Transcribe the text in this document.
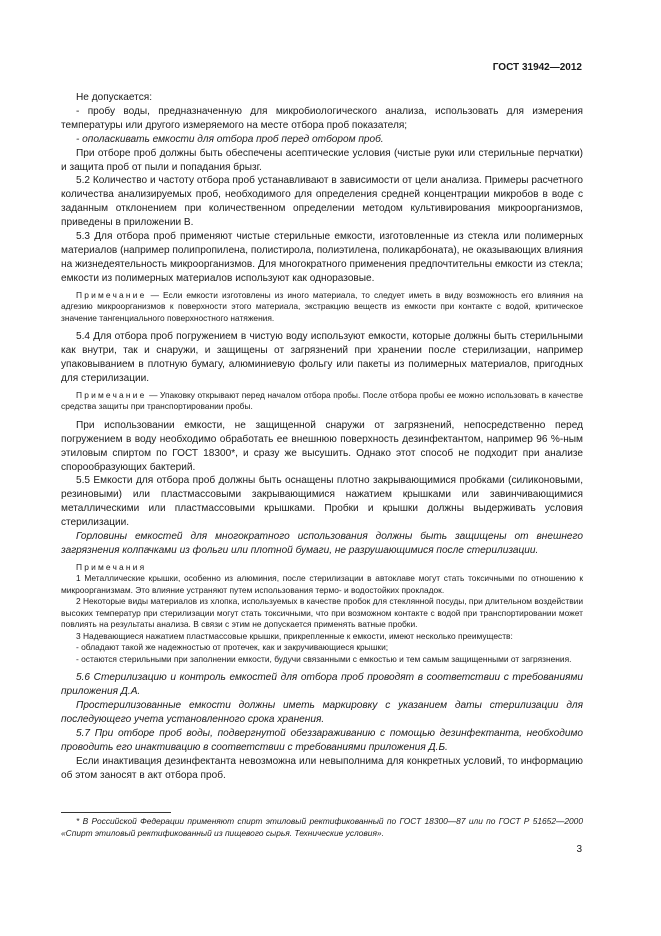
ГОСТ 31942—2012

Не допускается:

- пробу воды, предназначенную для микробиологического анализа, использовать для измерения температуры или другого измеряемого на месте отбора проб показателя;

- ополаскивать емкости для отбора проб перед отбором проб.

При отборе проб должны быть обеспечены асептические условия (чистые руки или стерильные перчатки) и защита проб от пыли и попадания брызг.

5.2 Количество и частоту отбора проб устанавливают в зависимости от цели анализа. Примеры расчетного количества анализируемых проб, необходимого для определения средней концентрации микробов в воде с заданным отклонением при количественном определении методом культивирования микроорганизмов, приведены в приложении В.

5.3 Для отбора проб применяют чистые стерильные емкости, изготовленные из стекла или полимерных материалов (например полипропилена, полистирола, полиэтилена, поликарбоната), не оказывающих влияния на жизнедеятельность микроорганизмов. Для многократного применения предпочтительны емкости из стекла; емкости из полимерных материалов используют как одноразовые.

Примечание — Если емкости изготовлены из иного материала, то следует иметь в виду возможность его влияния на адгезию микроорганизмов к поверхности этого материала, экстракцию веществ из емкости при контакте с водой, критическое значение тангенциального поверхностного натяжения.

5.4 Для отбора проб погружением в чистую воду используют емкости, которые должны быть стерильными как внутри, так и снаружи, и защищены от загрязнений при хранении после стерилизации, например упаковыванием в плотную бумагу, алюминиевую фольгу или пакеты из полимерных материалов, пригодных для стерилизации.

Примечание — Упаковку открывают перед началом отбора пробы. После отбора пробы ее можно использовать в качестве средства защиты при транспортировании пробы.

При использовании емкости, не защищенной снаружи от загрязнений, непосредственно перед погружением в воду необходимо обработать ее внешнюю поверхность дезинфектантом, например 96 %-ным этиловым спиртом по ГОСТ 18300*, и сразу же высушить. Однако этот способ не подходит при анализе спорообразующих бактерий.

5.5 Емкости для отбора проб должны быть оснащены плотно закрывающимися пробками (силиконовыми, резиновыми) или пластмассовыми закрывающимися нажатием крышками или завинчивающимися металлическими или пластмассовыми крышками. Пробки и крышки должны выдерживать условия стерилизации.

Горловины емкостей для многократного использования должны быть защищены от внешнего загрязнения колпачками из фольги или плотной бумаги, не разрушающимися после стерилизации.

Примечания

1 Металлические крышки, особенно из алюминия, после стерилизации в автоклаве могут стать токсичными по отношению к микроорганизмам. Это влияние устраняют путем использования термо- и водостойких прокладок.

2 Некоторые виды материалов из хлопка, используемых в качестве пробок для стеклянной посуды, при длительном воздействии высоких температур при стерилизации могут стать токсичными, что при возможном контакте с водой при транспортировании может повлиять на результаты анализа. В связи с этим не допускается применять ватные пробки.

3 Надевающиеся нажатием пластмассовые крышки, прикрепленные к емкости, имеют несколько преимуществ:

- обладают такой же надежностью от протечек, как и закручивающиеся крышки;

- остаются стерильными при заполнении емкости, будучи связанными с емкостью и тем самым защищенными от загрязнения.

5.6 Стерилизацию и контроль емкостей для отбора проб проводят в соответствии с требованиями приложения Д.А.

Простерилизованные емкости должны иметь маркировку с указанием даты стерилизации для последующего учета установленного срока хранения.

5.7 При отборе проб воды, подвергнутой обеззараживанию с помощью дезинфектанта, необходимо проводить его инактивацию в соответствии с требованиями приложения Д.Б.

Если инактивация дезинфектанта невозможна или невыполнима для конкретных условий, то информацию об этом заносят в акт отбора проб.

* В Российской Федерации применяют спирт этиловый ректификованный по ГОСТ 18300—87 или по ГОСТ Р 51652—2000 «Спирт этиловый ректификованный из пищевого сырья. Технические условия».
3
